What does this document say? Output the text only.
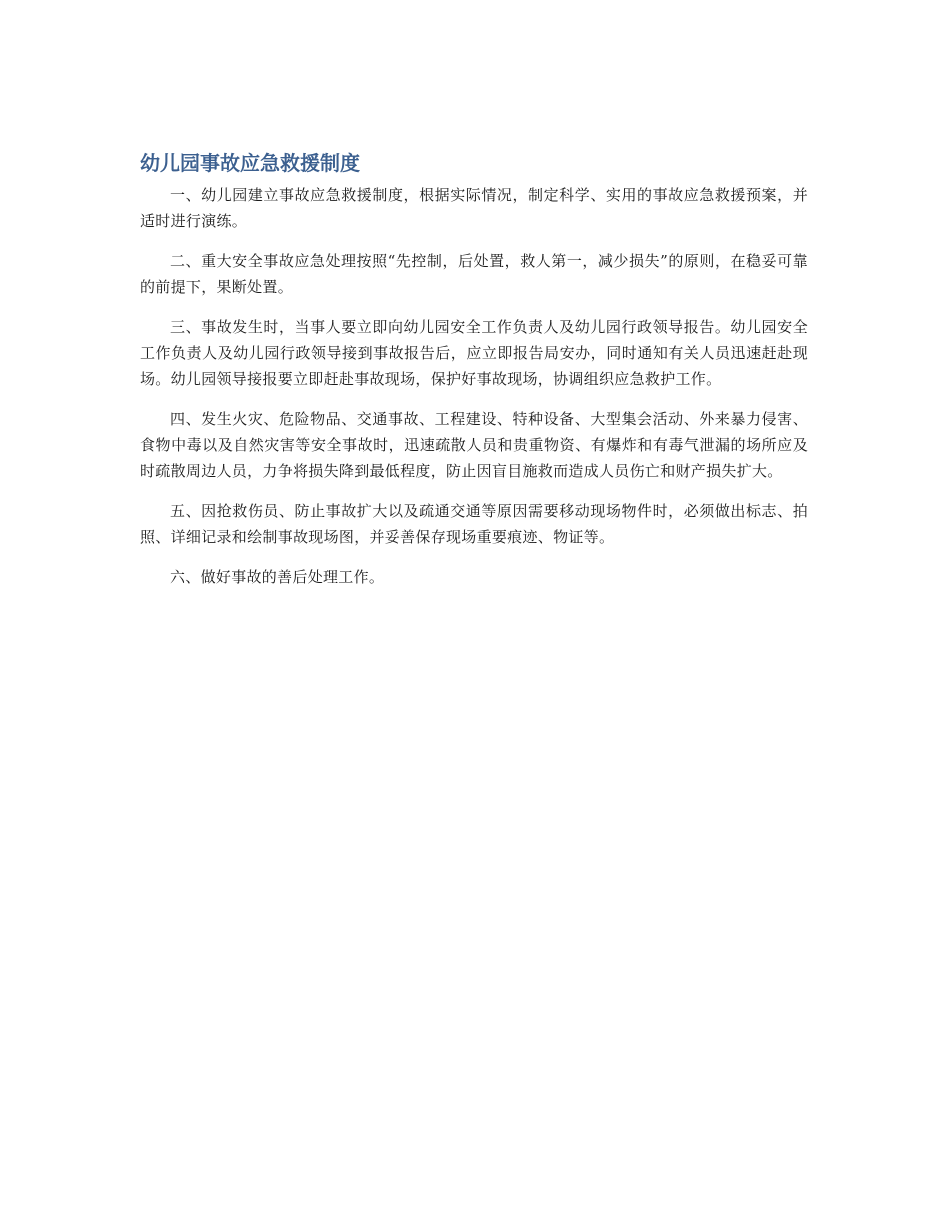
幼儿园事故应急救援制度

一、幼儿园建立事故应急救援制度，根据实际情况，制定科学、实用的事故应急救援预案，并适时进行演练。

二、重大安全事故应急处理按照“先控制，后处置，救人第一，减少损失”的原则，在稳妥可靠的前提下，果断处置。

三、事故发生时，当事人要立即向幼儿园安全工作负责人及幼儿园行政领导报告。幼儿园安全工作负责人及幼儿园行政领导接到事故报告后，应立即报告局安办，同时通知有关人员迅速赶赴现场。幼儿园领导接报要立即赶赴事故现场，保护好事故现场，协调组织应急救护工作。

四、发生火灾、危险物品、交通事故、工程建设、特种设备、大型集会活动、外来暴力侵害、食物中毒以及自然灾害等安全事故时，迅速疏散人员和贵重物资、有爆炸和有毒气泄漏的场所应及时疏散周边人员，力争将损失降到最低程度，防止因盲目施救而造成人员伤亡和财产损失扩大。

五、因抢救伤员、防止事故扩大以及疏通交通等原因需要移动现场物件时，必须做出标志、拍照、详细记录和绘制事故现场图，并妥善保存现场重要痕迹、物证等。

六、做好事故的善后处理工作。
